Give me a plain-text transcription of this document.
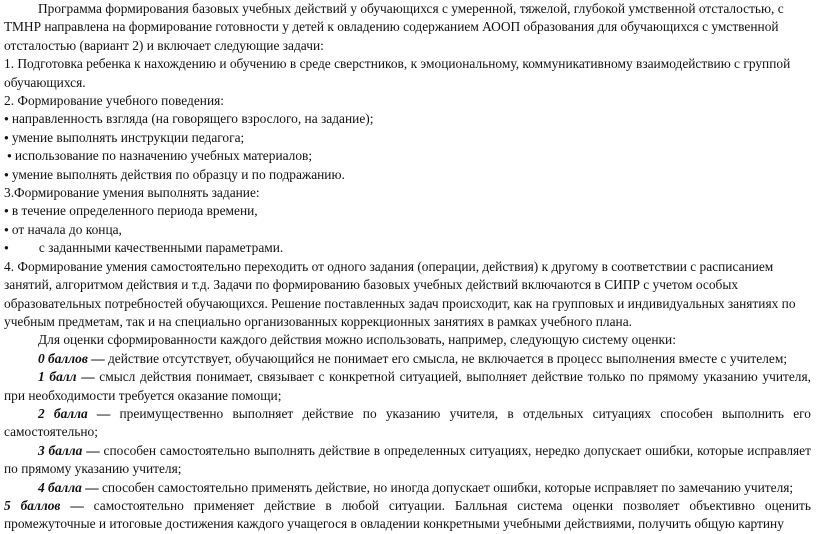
Программа формирования базовых учебных действий у обучающихся с умеренной, тяжелой, глубокой умственной отсталостью, с ТМНР направлена на формирование готовности у детей к овладению содержанием АООП образования для обучающихся с умственной отсталостью (вариант 2) и включает следующие задачи:

1. Подготовка ребенка к нахождению и обучению в среде сверстников, к эмоциональному, коммуникативному взаимодействию с группой обучающихся.

2. Формирование учебного поведения:

● направленность взгляда (на говорящего взрослого, на задание);

● умение выполнять инструкции педагога;

● использование по назначению учебных материалов;

● умение выполнять действия по образцу и по подражанию.

3.Формирование умения выполнять задание:

● в течение определенного периода времени,

● от начала до конца,

● с заданными качественными параметрами.

4. Формирование умения самостоятельно переходить от одного задания (операции, действия) к другому в соответствии с расписанием занятий, алгоритмом действия и т.д. Задачи по формированию базовых учебных действий включаются в СИПР с учетом особых образовательных потребностей обучающихся. Решение поставленных задач происходит, как на групповых и индивидуальных занятиях по учебным предметам, так и на специально организованных коррекционных занятиях в рамках учебного плана.

Для оценки сформированности каждого действия можно использовать, например, следующую систему оценки:

0 баллов — действие отсутствует, обучающийся не понимает его смысла, не включается в процесс выполнения вместе с учителем;

1 балл — смысл действия понимает, связывает с конкретной ситуацией, выполняет действие только по прямому указанию учителя, при необходимости требуется оказание помощи;

2 балла — преимущественно выполняет действие по указанию учителя, в отдельных ситуациях способен выполнить его самостоятельно;

3 балла — способен самостоятельно выполнять действие в определенных ситуациях, нередко допускает ошибки, которые исправляет по прямому указанию учителя;

4 балла — способен самостоятельно применять действие, но иногда допускает ошибки, которые исправляет по замечанию учителя;

5 баллов — самостоятельно применяет действие в любой ситуации. Балльная система оценки позволяет объективно оценить промежуточные и итоговые достижения каждого учащегося в овладении конкретными учебными действиями, получить общую картину
